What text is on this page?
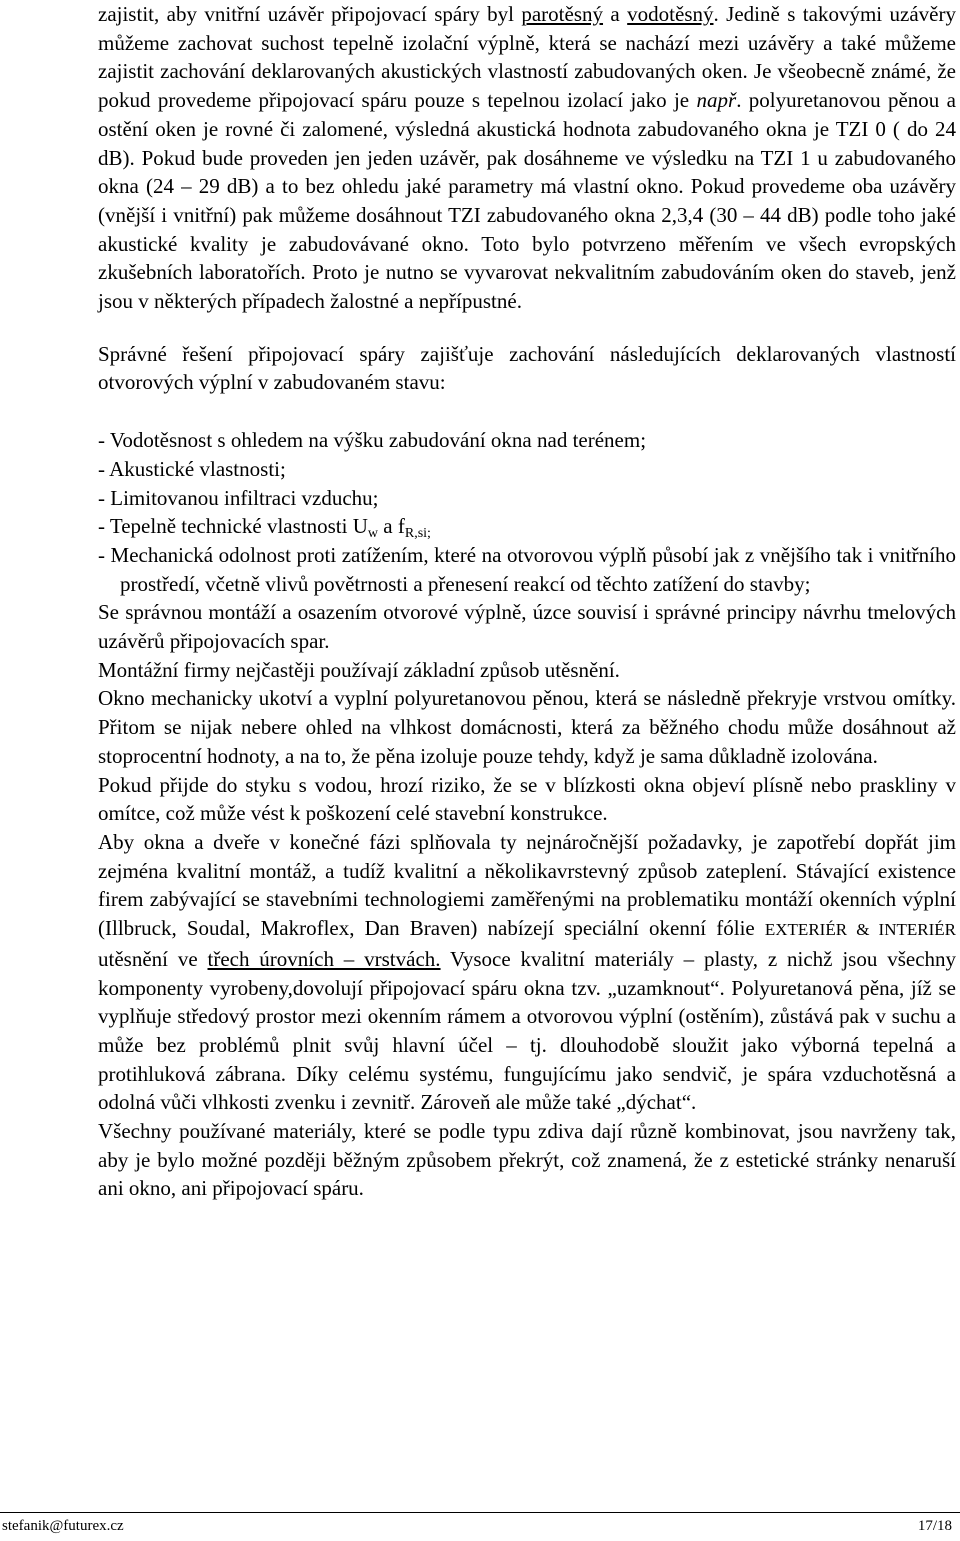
zajistit, aby vnitřní uzávěr připojovací spáry byl parotěsný a vodotěsný. Jedině s takovými uzávěry můžeme zachovat suchost tepelně izolační výplně, která se nachází mezi uzávěry a také můžeme zajistit zachování deklarovaných akustických vlastností zabudovaných oken. Je všeobecně známé, že pokud provedeme připojovací spáru pouze s tepelnou izolací jako je např. polyuretanovou pěnou a ostění oken je rovné či zalomené, výsledná akustická hodnota zabudovaného okna je TZI 0 ( do 24 dB). Pokud bude proveden jen jeden uzávěr, pak dosáhneme ve výsledku na TZI 1 u zabudovaného okna (24 – 29 dB) a to bez ohledu jaké parametry má vlastní okno. Pokud provedeme oba uzávěry (vnější i vnitřní) pak můžeme dosáhnout TZI zabudovaného okna 2,3,4 (30 – 44 dB) podle toho jaké akustické kvality je zabudovávané okno. Toto bylo potvrzeno měřením ve všech evropských zkušebních laboratořích. Proto je nutno se vyvarovat nekvalitním zabudováním oken do staveb, jenž jsou v některých případech žalostné a nepřípustné.

Správné řešení připojovací spáry zajišťuje zachování následujících deklarovaných vlastností otvorových výplní v zabudovaném stavu:

- Vodotěsnost s ohledem na výšku zabudování okna nad terénem;

- Akustické vlastnosti;

- Limitovanou infiltraci vzduchu;

- Tepelně technické vlastnosti $U_w$ a $f_{R,si;}$

- Mechanická odolnost proti zatížením, které na otvorovou výplň působí jak z vnějšího tak i vnitřního prostředí, včetně vlivů povětrnosti a přenesení reakcí od těchto zatížení do stavby;

Se správnou montáží a osazením otvorové výplně, úzce souvisí i správné principy návrhu tmelových uzávěrů připojovacích spar.

Montážní firmy nejčastěji používají základní způsob utěsnění.

Okno mechanicky ukotví a vyplní polyuretanovou pěnou, která se následně překryje vrstvou omítky. Přitom se nijak nebere ohled na vlhkost domácnosti, která za běžného chodu může dosáhnout až stoprocentní hodnoty, a na to, že pěna izoluje pouze tehdy, když je sama důkladně izolována.

Pokud přijde do styku s vodou, hrozí riziko, že se v blízkosti okna objeví plísně nebo praskliny v omítce, což může vést k poškození celé stavební konstrukce.

Aby okna a dveře v konečné fázi splňovala ty nejnáročnější požadavky, je zapotřebí dopřát jim zejména kvalitní montáž, a tudíž kvalitní a několikavrstevný způsob zateplení. Stávající existence firem zabývající se stavebními technologiemi zaměřenými na problematiku montáží okenních výplní (Illbruck, Soudal, Makroflex, Dan Braven) nabízejí speciální okenní fólie EXTERIÉR & INTERIÉR utěsnění ve třech úrovních – vrstvách. Vysoce kvalitní materiály – plasty, z nichž jsou všechny komponenty vyrobeny,dovolují připojovací spáru okna tzv. „uzamknout“. Polyuretanová pěna, jíž se vyplňuje středový prostor mezi okenním rámem a otvorovou výplní (ostěním), zůstává pak v suchu a může bez problémů plnit svůj hlavní účel – tj. dlouhodobě sloužit jako výborná tepelná a protihluková zábrana. Díky celému systému, fungujícímu jako sendvič, je spára vzduchotěsná a odolná vůči vlhkosti zvenku i zevnitř. Zároveň ale může také „dýchat“.

Všechny používané materiály, které se podle typu zdiva dají různě kombinovat, jsou navrženy tak, aby je bylo možné později běžným způsobem překrýt, což znamená, že z estetické stránky nenaruší ani okno, ani připojovací spáru.

stefanik@futurex.cz	17/18
